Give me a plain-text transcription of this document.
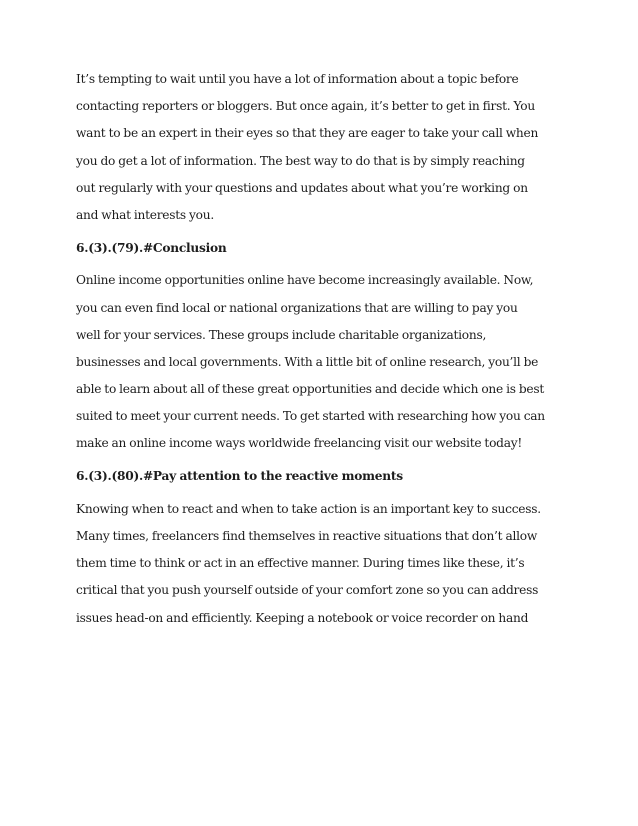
It’s tempting to wait until you have a lot of information about a topic before
contacting reporters or bloggers. But once again, it’s better to get in first. You
want to be an expert in their eyes so that they are eager to take your call when
you do get a lot of information. The best way to do that is by simply reaching
out regularly with your questions and updates about what you’re working on
and what interests you.
6.(3).(79).#Conclusion
Online income opportunities online have become increasingly available. Now,
you can even find local or national organizations that are willing to pay you
well for your services. These groups include charitable organizations,
businesses and local governments. With a little bit of online research, you’ll be
able to learn about all of these great opportunities and decide which one is best
suited to meet your current needs. To get started with researching how you can
make an online income ways worldwide freelancing visit our website today!
6.(3).(80).#Pay attention to the reactive moments
Knowing when to react and when to take action is an important key to success.
Many times, freelancers find themselves in reactive situations that don’t allow
them time to think or act in an effective manner. During times like these, it’s
critical that you push yourself outside of your comfort zone so you can address
issues head-on and efficiently. Keeping a notebook or voice recorder on hand
